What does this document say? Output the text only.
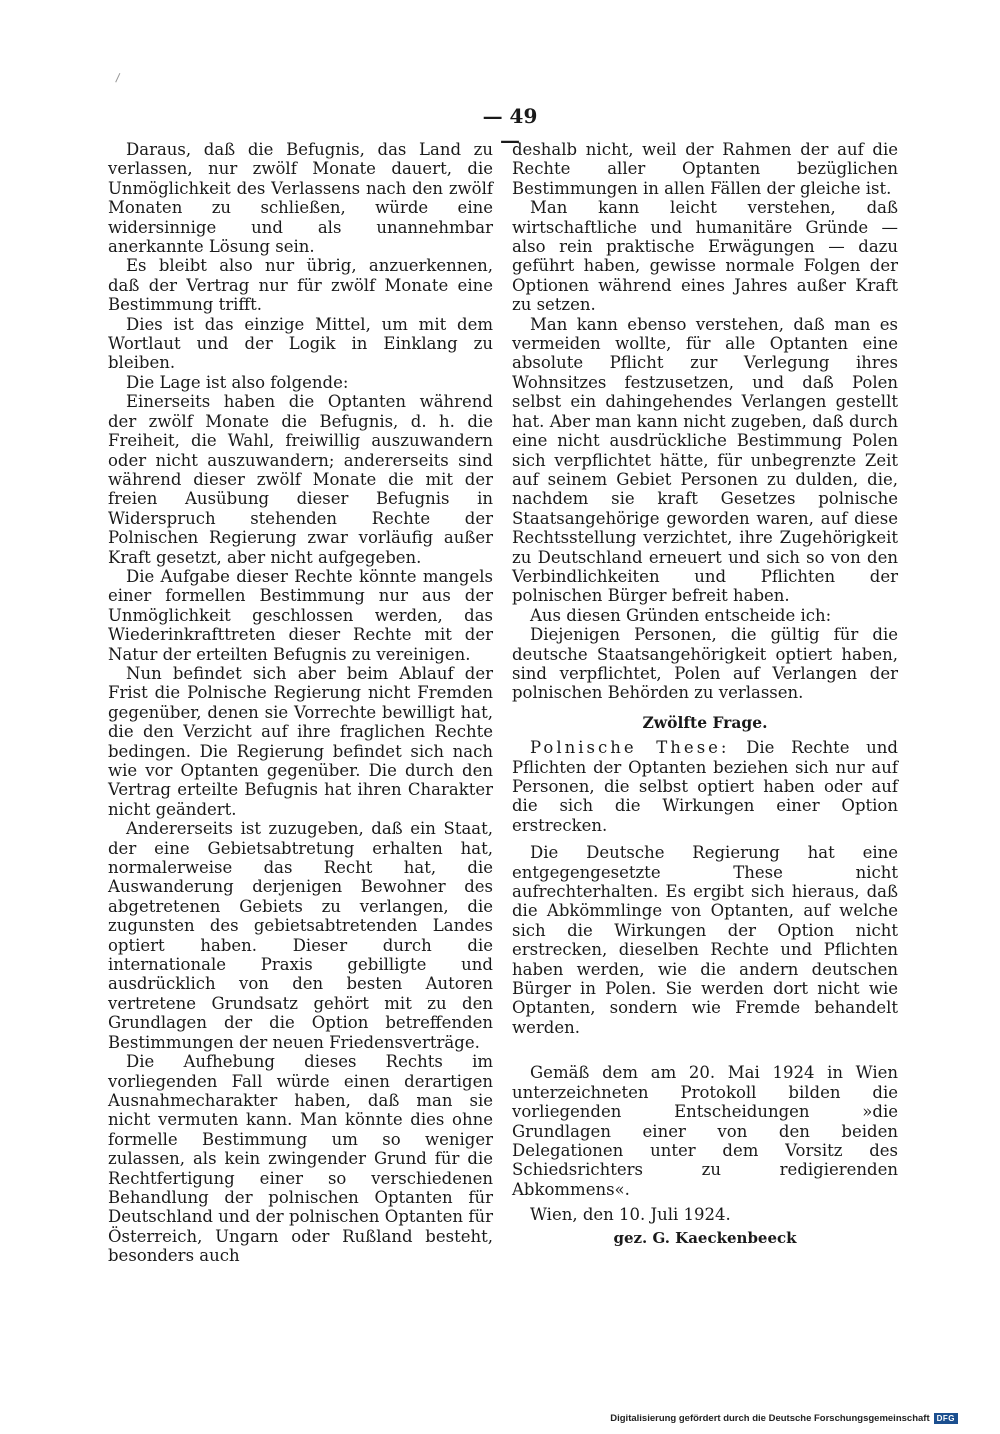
— 49 —

Daraus, daß die Befugnis, das Land zu verlassen, nur zwölf Monate dauert, die Unmöglichkeit des Verlassens nach den zwölf Monaten zu schließen, würde eine widersinnige und als unannehmbar anerkannte Lösung sein.

Es bleibt also nur übrig, anzuerkennen, daß der Vertrag nur für zwölf Monate eine Bestimmung trifft.

Dies ist das einzige Mittel, um mit dem Wortlaut und der Logik in Einklang zu bleiben.

Die Lage ist also folgende:

Einerseits haben die Optanten während der zwölf Monate die Befugnis, d. h. die Freiheit, die Wahl, freiwillig auszuwandern oder nicht auszuwandern; andererseits sind während dieser zwölf Monate die mit der freien Ausübung dieser Befugnis in Widerspruch stehenden Rechte der Polnischen Regierung zwar vorläufig außer Kraft gesetzt, aber nicht aufgegeben.

Die Aufgabe dieser Rechte könnte mangels einer formellen Bestimmung nur aus der Unmöglichkeit geschlossen werden, das Wiederinkrafttreten dieser Rechte mit der Natur der erteilten Befugnis zu vereinigen.

Nun befindet sich aber beim Ablauf der Frist die Polnische Regierung nicht Fremden gegenüber, denen sie Vorrechte bewilligt hat, die den Verzicht auf ihre fraglichen Rechte bedingen. Die Regierung befindet sich nach wie vor Optanten gegenüber. Die durch den Vertrag erteilte Befugnis hat ihren Charakter nicht geändert.

Andererseits ist zuzugeben, daß ein Staat, der eine Gebietsabtretung erhalten hat, normalerweise das Recht hat, die Auswanderung derjenigen Bewohner des abgetretenen Gebiets zu verlangen, die zugunsten des gebietsabtretenden Landes optiert haben. Dieser durch die internationale Praxis gebilligte und ausdrücklich von den besten Autoren vertretene Grundsatz gehört mit zu den Grundlagen der die Option betreffenden Bestimmungen der neuen Friedensverträge.

Die Aufhebung dieses Rechts im vorliegenden Fall würde einen derartigen Ausnahmecharakter haben, daß man sie nicht vermuten kann. Man könnte dies ohne formelle Bestimmung um so weniger zulassen, als kein zwingender Grund für die Rechtfertigung einer so verschiedenen Behandlung der polnischen Optanten für Deutschland und der polnischen Optanten für Österreich, Ungarn oder Rußland besteht, besonders auch

deshalb nicht, weil der Rahmen der auf die Rechte aller Optanten bezüglichen Bestimmungen in allen Fällen der gleiche ist.

Man kann leicht verstehen, daß wirtschaftliche und humanitäre Gründe — also rein praktische Erwägungen — dazu geführt haben, gewisse normale Folgen der Optionen während eines Jahres außer Kraft zu setzen.

Man kann ebenso verstehen, daß man es vermeiden wollte, für alle Optanten eine absolute Pflicht zur Verlegung ihres Wohnsitzes festzusetzen, und daß Polen selbst ein dahingehendes Verlangen gestellt hat. Aber man kann nicht zugeben, daß durch eine nicht ausdrückliche Bestimmung Polen sich verpflichtet hätte, für unbegrenzte Zeit auf seinem Gebiet Personen zu dulden, die, nachdem sie kraft Gesetzes polnische Staatsangehörige geworden waren, auf diese Rechtsstellung verzichtet, ihre Zugehörigkeit zu Deutschland erneuert und sich so von den Verbindlichkeiten und Pflichten der polnischen Bürger befreit haben.

Aus diesen Gründen entscheide ich:

Diejenigen Personen, die gültig für die deutsche Staatsangehörigkeit optiert haben, sind verpflichtet, Polen auf Verlangen der polnischen Behörden zu verlassen.

Zwölfte Frage.

Polnische These: Die Rechte und Pflichten der Optanten beziehen sich nur auf Personen, die selbst optiert haben oder auf die sich die Wirkungen einer Option erstrecken.

Die Deutsche Regierung hat eine entgegengesetzte These nicht aufrechterhalten. Es ergibt sich hieraus, daß die Abkömmlinge von Optanten, auf welche sich die Wirkungen der Option nicht erstrecken, dieselben Rechte und Pflichten haben werden, wie die andern deutschen Bürger in Polen. Sie werden dort nicht wie Optanten, sondern wie Fremde behandelt werden.

Gemäß dem am 20. Mai 1924 in Wien unterzeichneten Protokoll bilden die vorliegenden Entscheidungen »die Grundlagen einer von den beiden Delegationen unter dem Vorsitz des Schiedsrichters zu redigierenden Abkommens«.

Wien, den 10. Juli 1924.

gez. G. Kaeckenbeeck

Digitalisierung gefördert durch die Deutsche Forschungsgemeinschaft DFG
